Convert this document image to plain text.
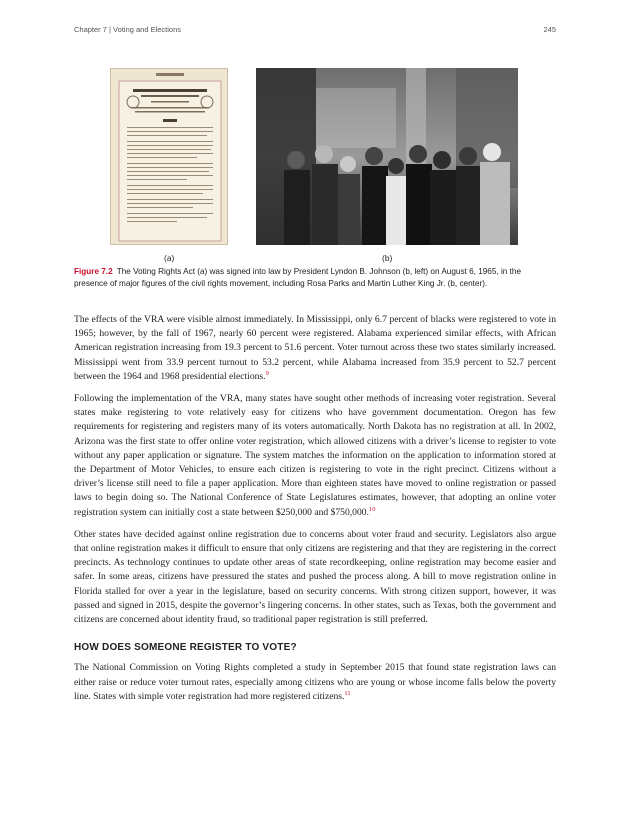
Chapter 7 | Voting and Elections	245
(a)	(b)
Figure 7.2 The Voting Rights Act (a) was signed into law by President Lyndon B. Johnson (b, left) on August 6, 1965, in the presence of major figures of the civil rights movement, including Rosa Parks and Martin Luther King Jr. (b, center).

The effects of the VRA were visible almost immediately. In Mississippi, only 6.7 percent of blacks were registered to vote in 1965; however, by the fall of 1967, nearly 60 percent were registered. Alabama experienced similar effects, with African American registration increasing from 19.3 percent to 51.6 percent. Voter turnout across these two states similarly increased. Mississippi went from 33.9 percent turnout to 53.2 percent, while Alabama increased from 35.9 percent to 52.7 percent between the 1964 and 1968 presidential elections.$^9$

Following the implementation of the VRA, many states have sought other methods of increasing voter registration. Several states make registering to vote relatively easy for citizens who have government documentation. Oregon has few requirements for registering and registers many of its voters automatically. North Dakota has no registration at all. In 2002, Arizona was the first state to offer online voter registration, which allowed citizens with a driver’s license to register to vote without any paper application or signature. The system matches the information on the application to information stored at the Department of Motor Vehicles, to ensure each citizen is registering to vote in the right precinct. Citizens without a driver’s license still need to file a paper application. More than eighteen states have moved to online registration or passed laws to begin doing so. The National Conference of State Legislatures estimates, however, that adopting an online voter registration system can initially cost a state between $250,000 and $750,000.10

Other states have decided against online registration due to concerns about voter fraud and security. Legislators also argue that online registration makes it difficult to ensure that only citizens are registering and that they are registering in the correct precincts. As technology continues to update other areas of state recordkeeping, online registration may become easier and safer. In some areas, citizens have pressured the states and pushed the process along. A bill to move registration online in Florida stalled for over a year in the legislature, based on security concerns. With strong citizen support, however, it was passed and signed in 2015, despite the governor’s lingering concerns. In other states, such as Texas, both the government and citizens are concerned about identity fraud, so traditional paper registration is still preferred.

HOW DOES SOMEONE REGISTER TO VOTE?

The National Commission on Voting Rights completed a study in September 2015 that found state registration laws can either raise or reduce voter turnout rates, especially among citizens who are young or whose income falls below the poverty line. States with simple voter registration had more registered citizens.$^{11}$
